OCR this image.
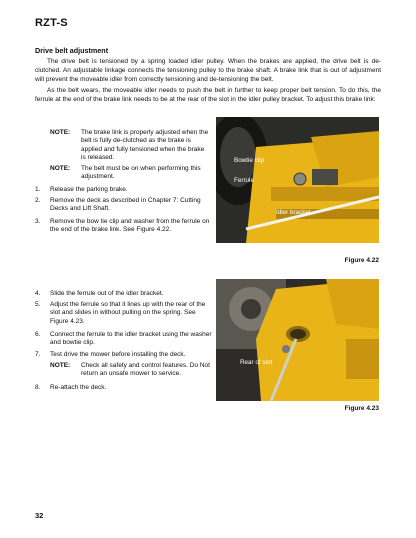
RZT-S
Drive belt adjustment
The drive belt is tensioned by a spring loaded idler pulley. When the brakes are applied, the drive belt is de-clutched. An adjustable linkage connects the tensioning pulley to the brake shaft. A brake link that is out of adjustment will prevent the moveable idler from correctly tensioning and de-tensioning the belt.
As the belt wears, the moveable idler needs to push the belt in further to keep proper belt tension. To do this, the ferrule at the end of the brake link needs to be at the rear of the slot in the idler pulley bracket. To adjust this brake link:
NOTE:	The brake link is properly adjusted when the belt is fully de-clutched as the brake is applied and fully tensioned when the brake is released.
NOTE:	The belt must be on when performing this adjustment.
1.	Release the parking brake.
2.	Remove the deck as described in Chapter 7: Cutting Decks and Lift Shaft.
3.	Remove the bow tie clip and washer from the ferrule on the end of the brake link. See Figure 4.22.
Bowtie clip
Ferrule
Idler bracket
Figure 4.22
4.	Slide the ferrule out of the idler bracket.
5.	Adjust the ferrule so that it lines up with the rear of the slot and slides in without pulling on the spring. See Figure 4.23.
6.	Connect the ferrule to the idler bracket using the washer and bowtie clip.
7.	Test drive the mower before installing the deck.
NOTE:	Check all safety and control features. Do Not return an unsafe mower to service.
8.	Re-attach the deck.
Rear of slot
Figure 4.23
32
